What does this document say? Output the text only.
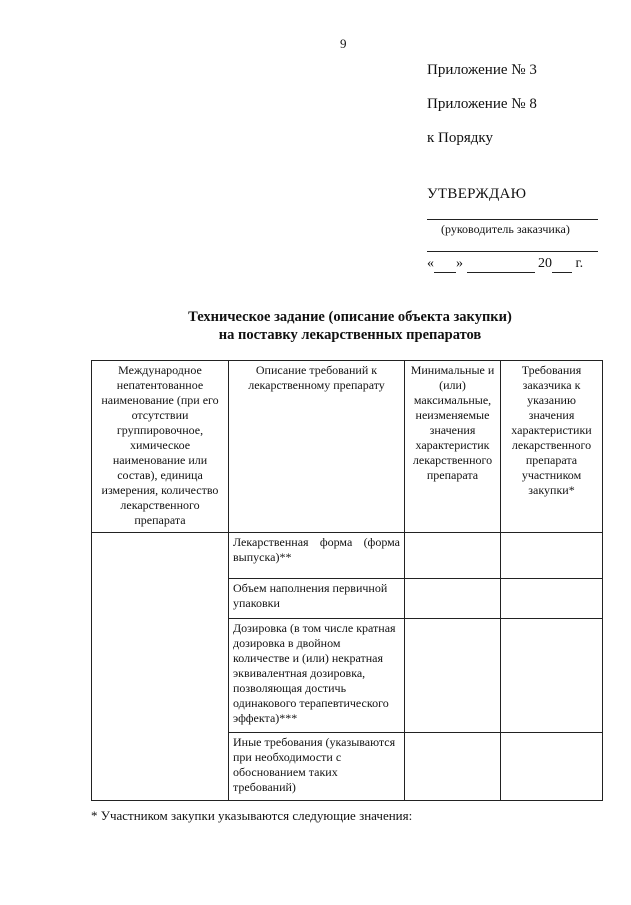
9
Приложение № 3
Приложение № 8
к Порядку
УТВЕРЖДАЮ
(руководитель заказчика)
« »	20 г.
Техническое задание (описание объекта закупки)
на поставку лекарственных препаратов
Международное непатентованное наименование (при его отсутствии группировочное, химическое наименование или состав), единица измерения, количество лекарственного препарата	Описание требований к лекарственному препарату	Минимальные и (или) максимальные, неизменяемые значения характеристик лекарственного препарата	Требования заказчика к указанию значения характеристики лекарственного препарата участником закупки*
	Лекарственная форма (форма выпуска)**		
	Объем наполнения первичной упаковки		
	Дозировка (в том числе кратная дозировка в двойном количестве и (или) некратная эквивалентная дозировка, позволяющая достичь одинакового терапевтического эффекта)***		
	Иные требования (указываются при необходимости с обоснованием таких требований)		
* Участником закупки указываются следующие значения:
